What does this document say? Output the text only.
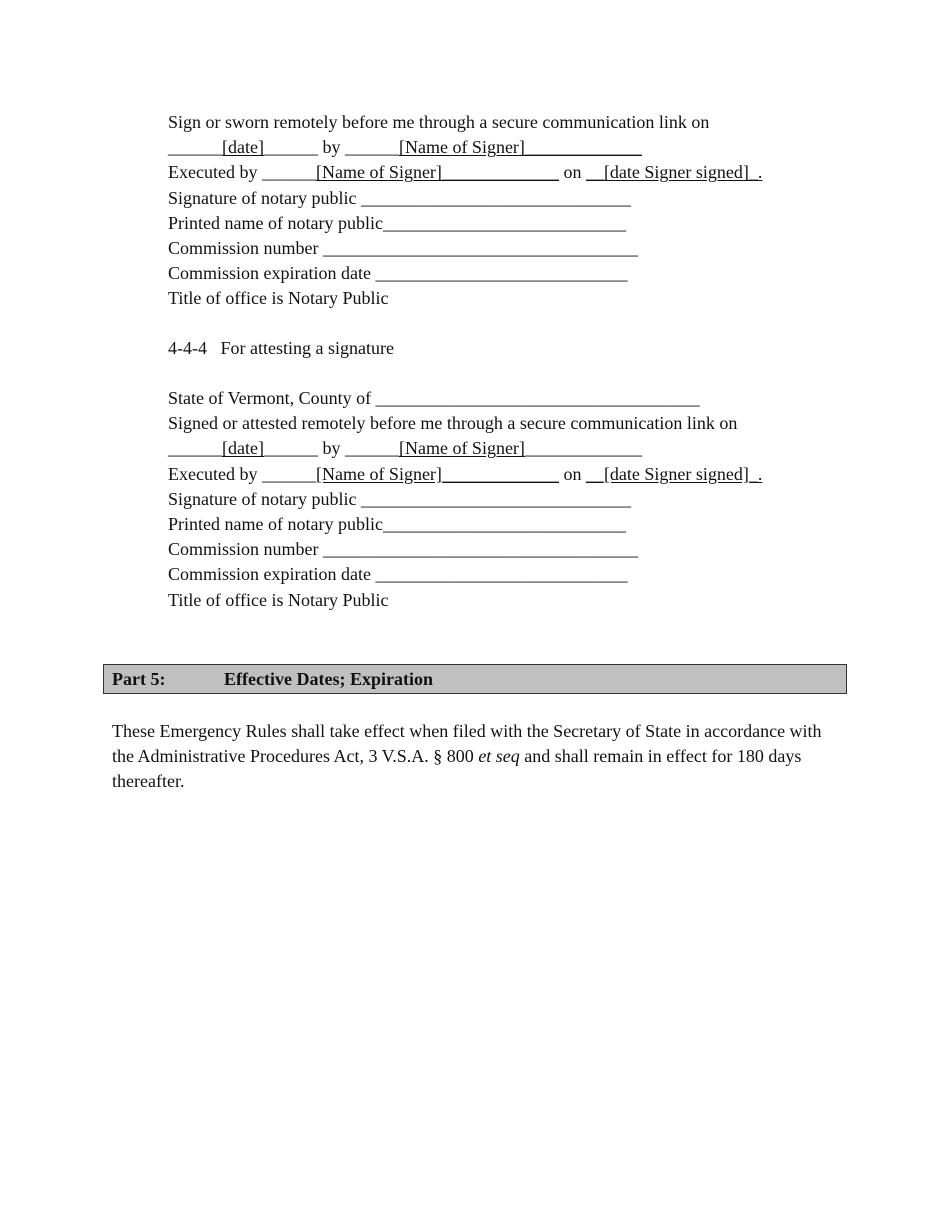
Sign or sworn remotely before me through a secure communication link on
______[date]______ by ______[Name of Signer]_____________
Executed by ______[Name of Signer]_____________ on __[date Signer signed]_.
Signature of notary public ______________________________
Printed name of notary public___________________________
Commission number ___________________________________
Commission expiration date ____________________________
Title of office is Notary Public
4-4-4   For attesting a signature
State of Vermont, County of ____________________________________
Signed or attested remotely before me through a secure communication link on
______[date]______ by ______[Name of Signer]_____________
Executed by ______[Name of Signer]_____________ on __[date Signer signed]_.
Signature of notary public ______________________________
Printed name of notary public___________________________
Commission number ___________________________________
Commission expiration date ____________________________
Title of office is Notary Public
Part 5:	Effective Dates; Expiration
These Emergency Rules shall take effect when filed with the Secretary of State in accordance with the Administrative Procedures Act, 3 V.S.A. § 800 et seq and shall remain in effect for 180 days thereafter.
